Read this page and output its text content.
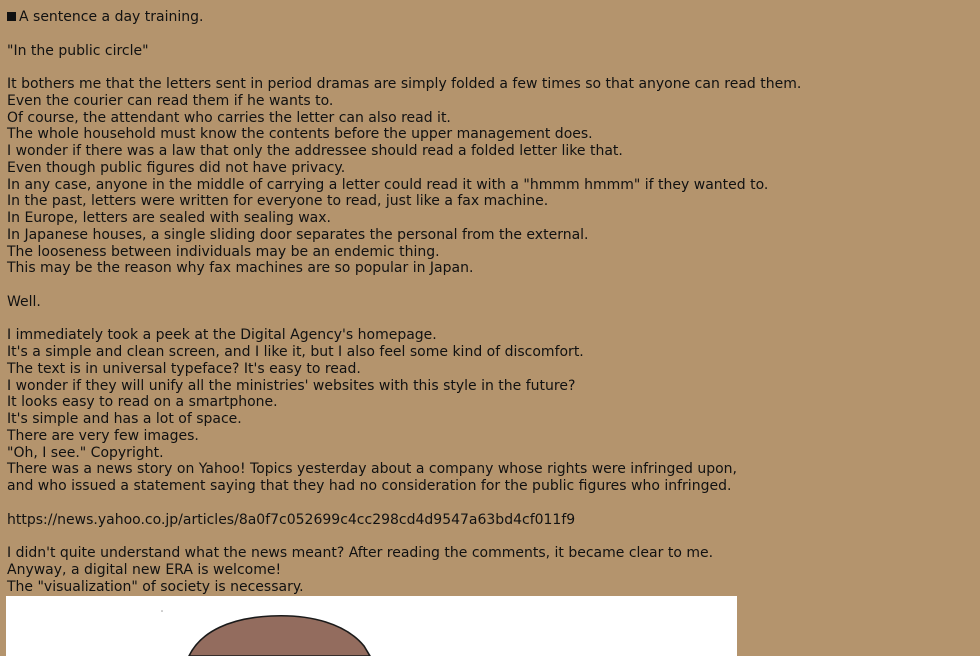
A sentence a day training.
"In the public circle"
It bothers me that the letters sent in period dramas are simply folded a few times so that anyone can read them.
Even the courier can read them if he wants to.
Of course, the attendant who carries the letter can also read it.
The whole household must know the contents before the upper management does.
I wonder if there was a law that only the addressee should read a folded letter like that.
Even though public figures did not have privacy.
In any case, anyone in the middle of carrying a letter could read it with a "hmmm hmmm" if they wanted to.
In the past, letters were written for everyone to read, just like a fax machine.
In Europe, letters are sealed with sealing wax.
In Japanese houses, a single sliding door separates the personal from the external.
The looseness between individuals may be an endemic thing.
This may be the reason why fax machines are so popular in Japan.
Well.
I immediately took a peek at the Digital Agency's homepage.
It's a simple and clean screen, and I like it, but I also feel some kind of discomfort.
The text is in universal typeface? It's easy to read.
I wonder if they will unify all the ministries' websites with this style in the future?
It looks easy to read on a smartphone.
It's simple and has a lot of space.
There are very few images.
"Oh, I see." Copyright.
There was a news story on Yahoo! Topics yesterday about a company whose rights were infringed upon,
and who issued a statement saying that they had no consideration for the public figures who infringed.
https://news.yahoo.co.jp/articles/8a0f7c052699c4cc298cd4d9547a63bd4cf011f9
I didn't quite understand what the news meant? After reading the comments, it became clear to me.
Anyway, a digital new ERA is welcome!
The "visualization" of society is necessary.
